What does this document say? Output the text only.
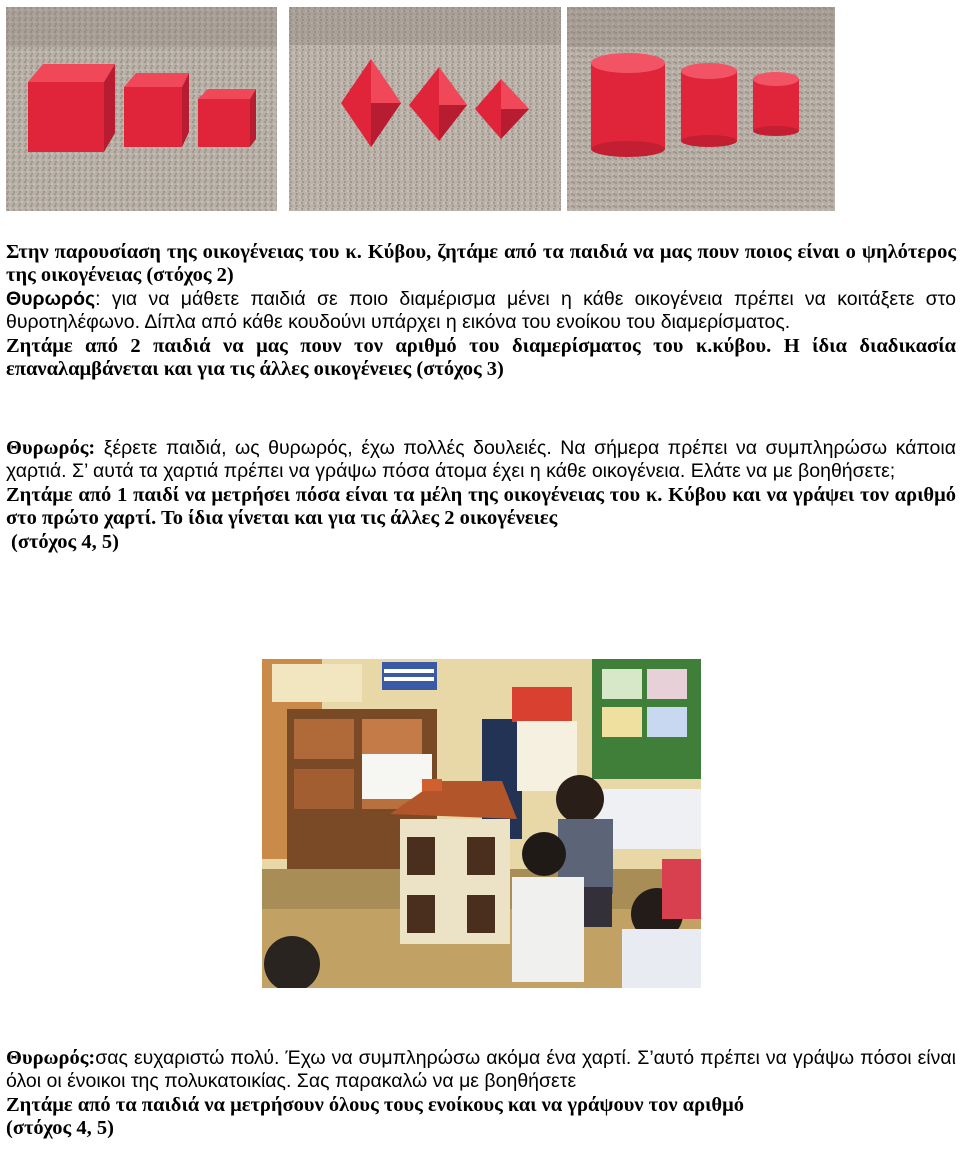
Στην παρουσίαση της οικογένειας του κ. Κύβου, ζητάμε από τα παιδιά να μας πουν ποιος είναι ο ψηλότερος της οικογένειας (στόχος 2)

Θυρωρός: για να μάθετε παιδιά σε ποιο διαμέρισμα μένει η κάθε οικογένεια πρέπει να κοιτάξετε στο θυροτηλέφωνο. Δίπλα από κάθε κουδούνι υπάρχει η εικόνα του ενοίκου του διαμερίσματος.

Ζητάμε από 2 παιδιά να μας πουν τον αριθμό του διαμερίσματος του κ.κύβου. Η ίδια διαδικασία επαναλαμβάνεται και για τις άλλες οικογένειες (στόχος 3)

Θυρωρός: ξέρετε παιδιά, ως θυρωρός, έχω πολλές δουλειές. Να σήμερα πρέπει να συμπληρώσω κάποια χαρτιά. Σ’ αυτά τα χαρτιά πρέπει να γράψω πόσα άτομα έχει η κάθε οικογένεια. Ελάτε να με βοηθήσετε;

Ζητάμε από 1 παιδί να μετρήσει πόσα είναι τα μέλη της οικογένειας του κ. Κύβου και να γράψει τον αριθμό στο πρώτο χαρτί. Το ίδια γίνεται και για τις άλλες 2 οικογένειες

(στόχος 4, 5)

Θυρωρός:σας ευχαριστώ πολύ. Έχω να συμπληρώσω ακόμα ένα χαρτί. Σ’αυτό πρέπει να γράψω πόσοι είναι όλοι οι ένοικοι της πολυκατοικίας. Σας παρακαλώ να με βοηθήσετε

Ζητάμε από τα παιδιά να μετρήσουν όλους τους ενοίκους και να γράψουν τον αριθμό

(στόχος 4, 5)
